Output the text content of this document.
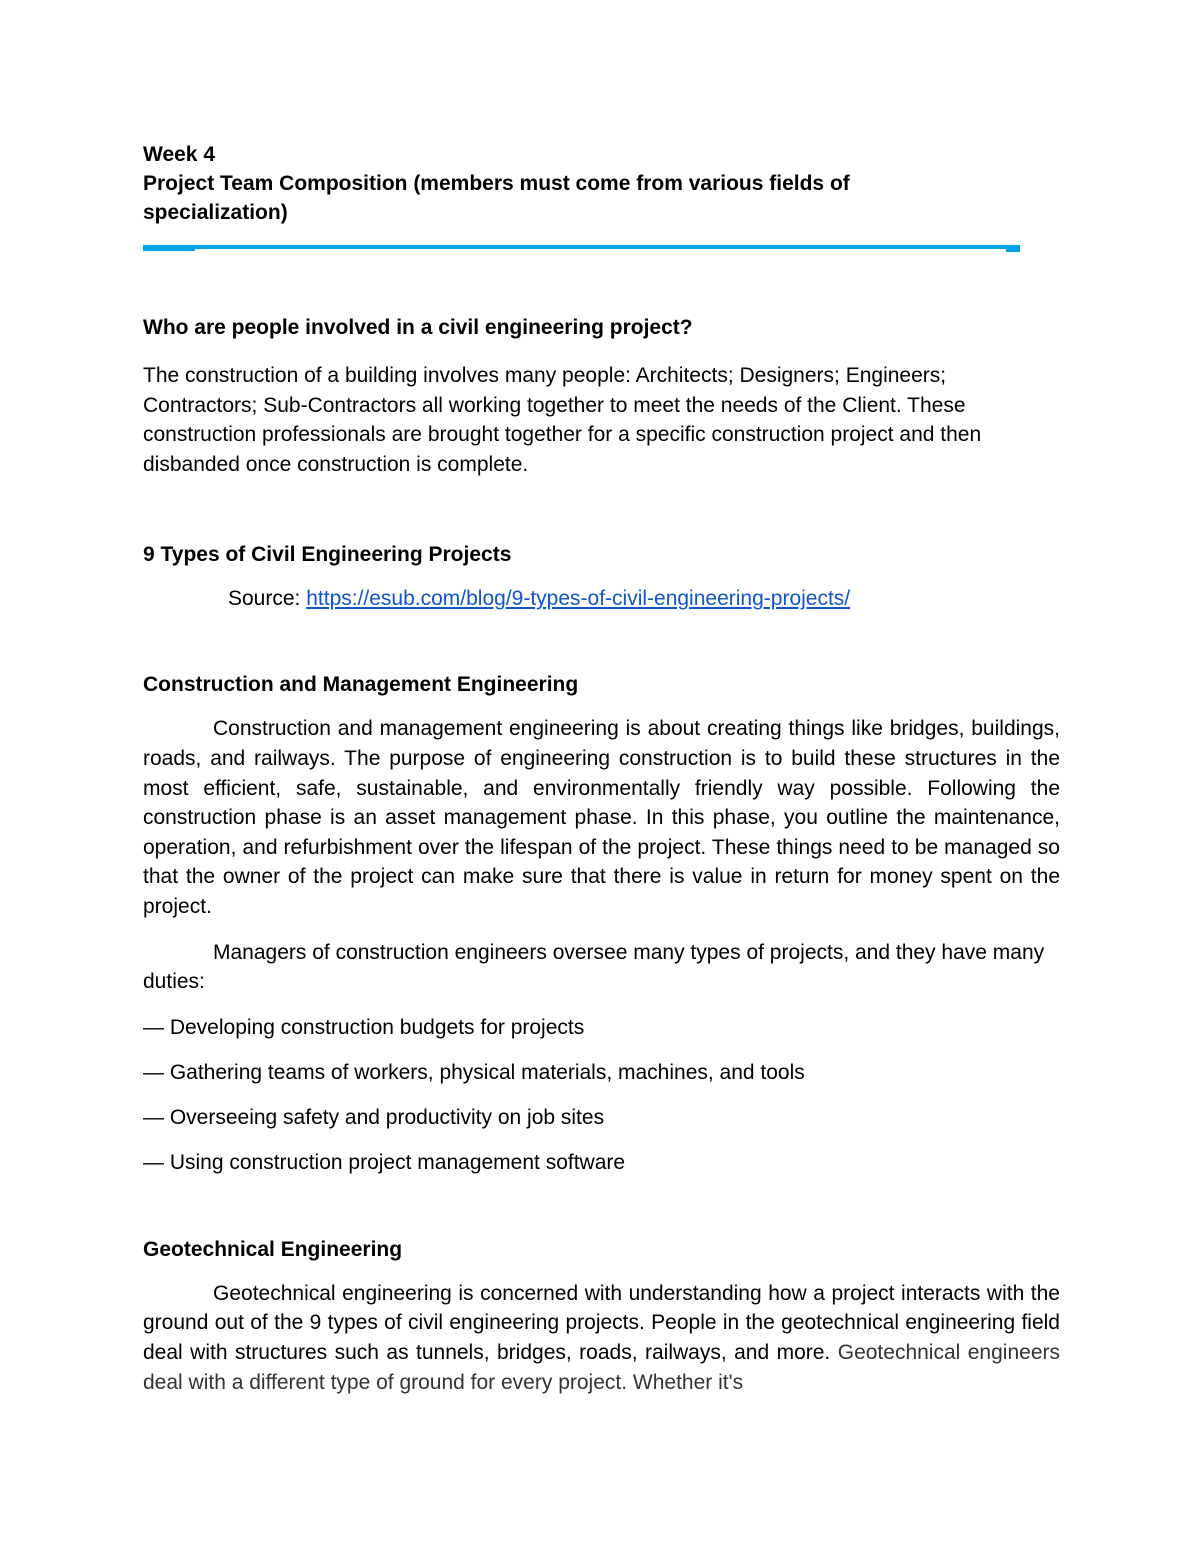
Week 4

Project Team Composition (members must come from various fields of specialization)

Who are people involved in a civil engineering project?

The construction of a building involves many people: Architects; Designers; Engineers; Contractors; Sub-Contractors all working together to meet the needs of the Client. These construction professionals are brought together for a specific construction project and then disbanded once construction is complete.

9 Types of Civil Engineering Projects

Source: https://esub.com/blog/9-types-of-civil-engineering-projects/

Construction and Management Engineering

Construction and management engineering is about creating things like bridges, buildings, roads, and railways. The purpose of engineering construction is to build these structures in the most efficient, safe, sustainable, and environmentally friendly way possible. Following the construction phase is an asset management phase. In this phase, you outline the maintenance, operation, and refurbishment over the lifespan of the project. These things need to be managed so that the owner of the project can make sure that there is value in return for money spent on the project.

Managers of construction engineers oversee many types of projects, and they have many duties:

— Developing construction budgets for projects

— Gathering teams of workers, physical materials, machines, and tools

— Overseeing safety and productivity on job sites

— Using construction project management software

Geotechnical Engineering

Geotechnical engineering is concerned with understanding how a project interacts with the ground out of the 9 types of civil engineering projects. People in the geotechnical engineering field deal with structures such as tunnels, bridges, roads, railways, and more. Geotechnical engineers deal with a different type of ground for every project. Whether it's
